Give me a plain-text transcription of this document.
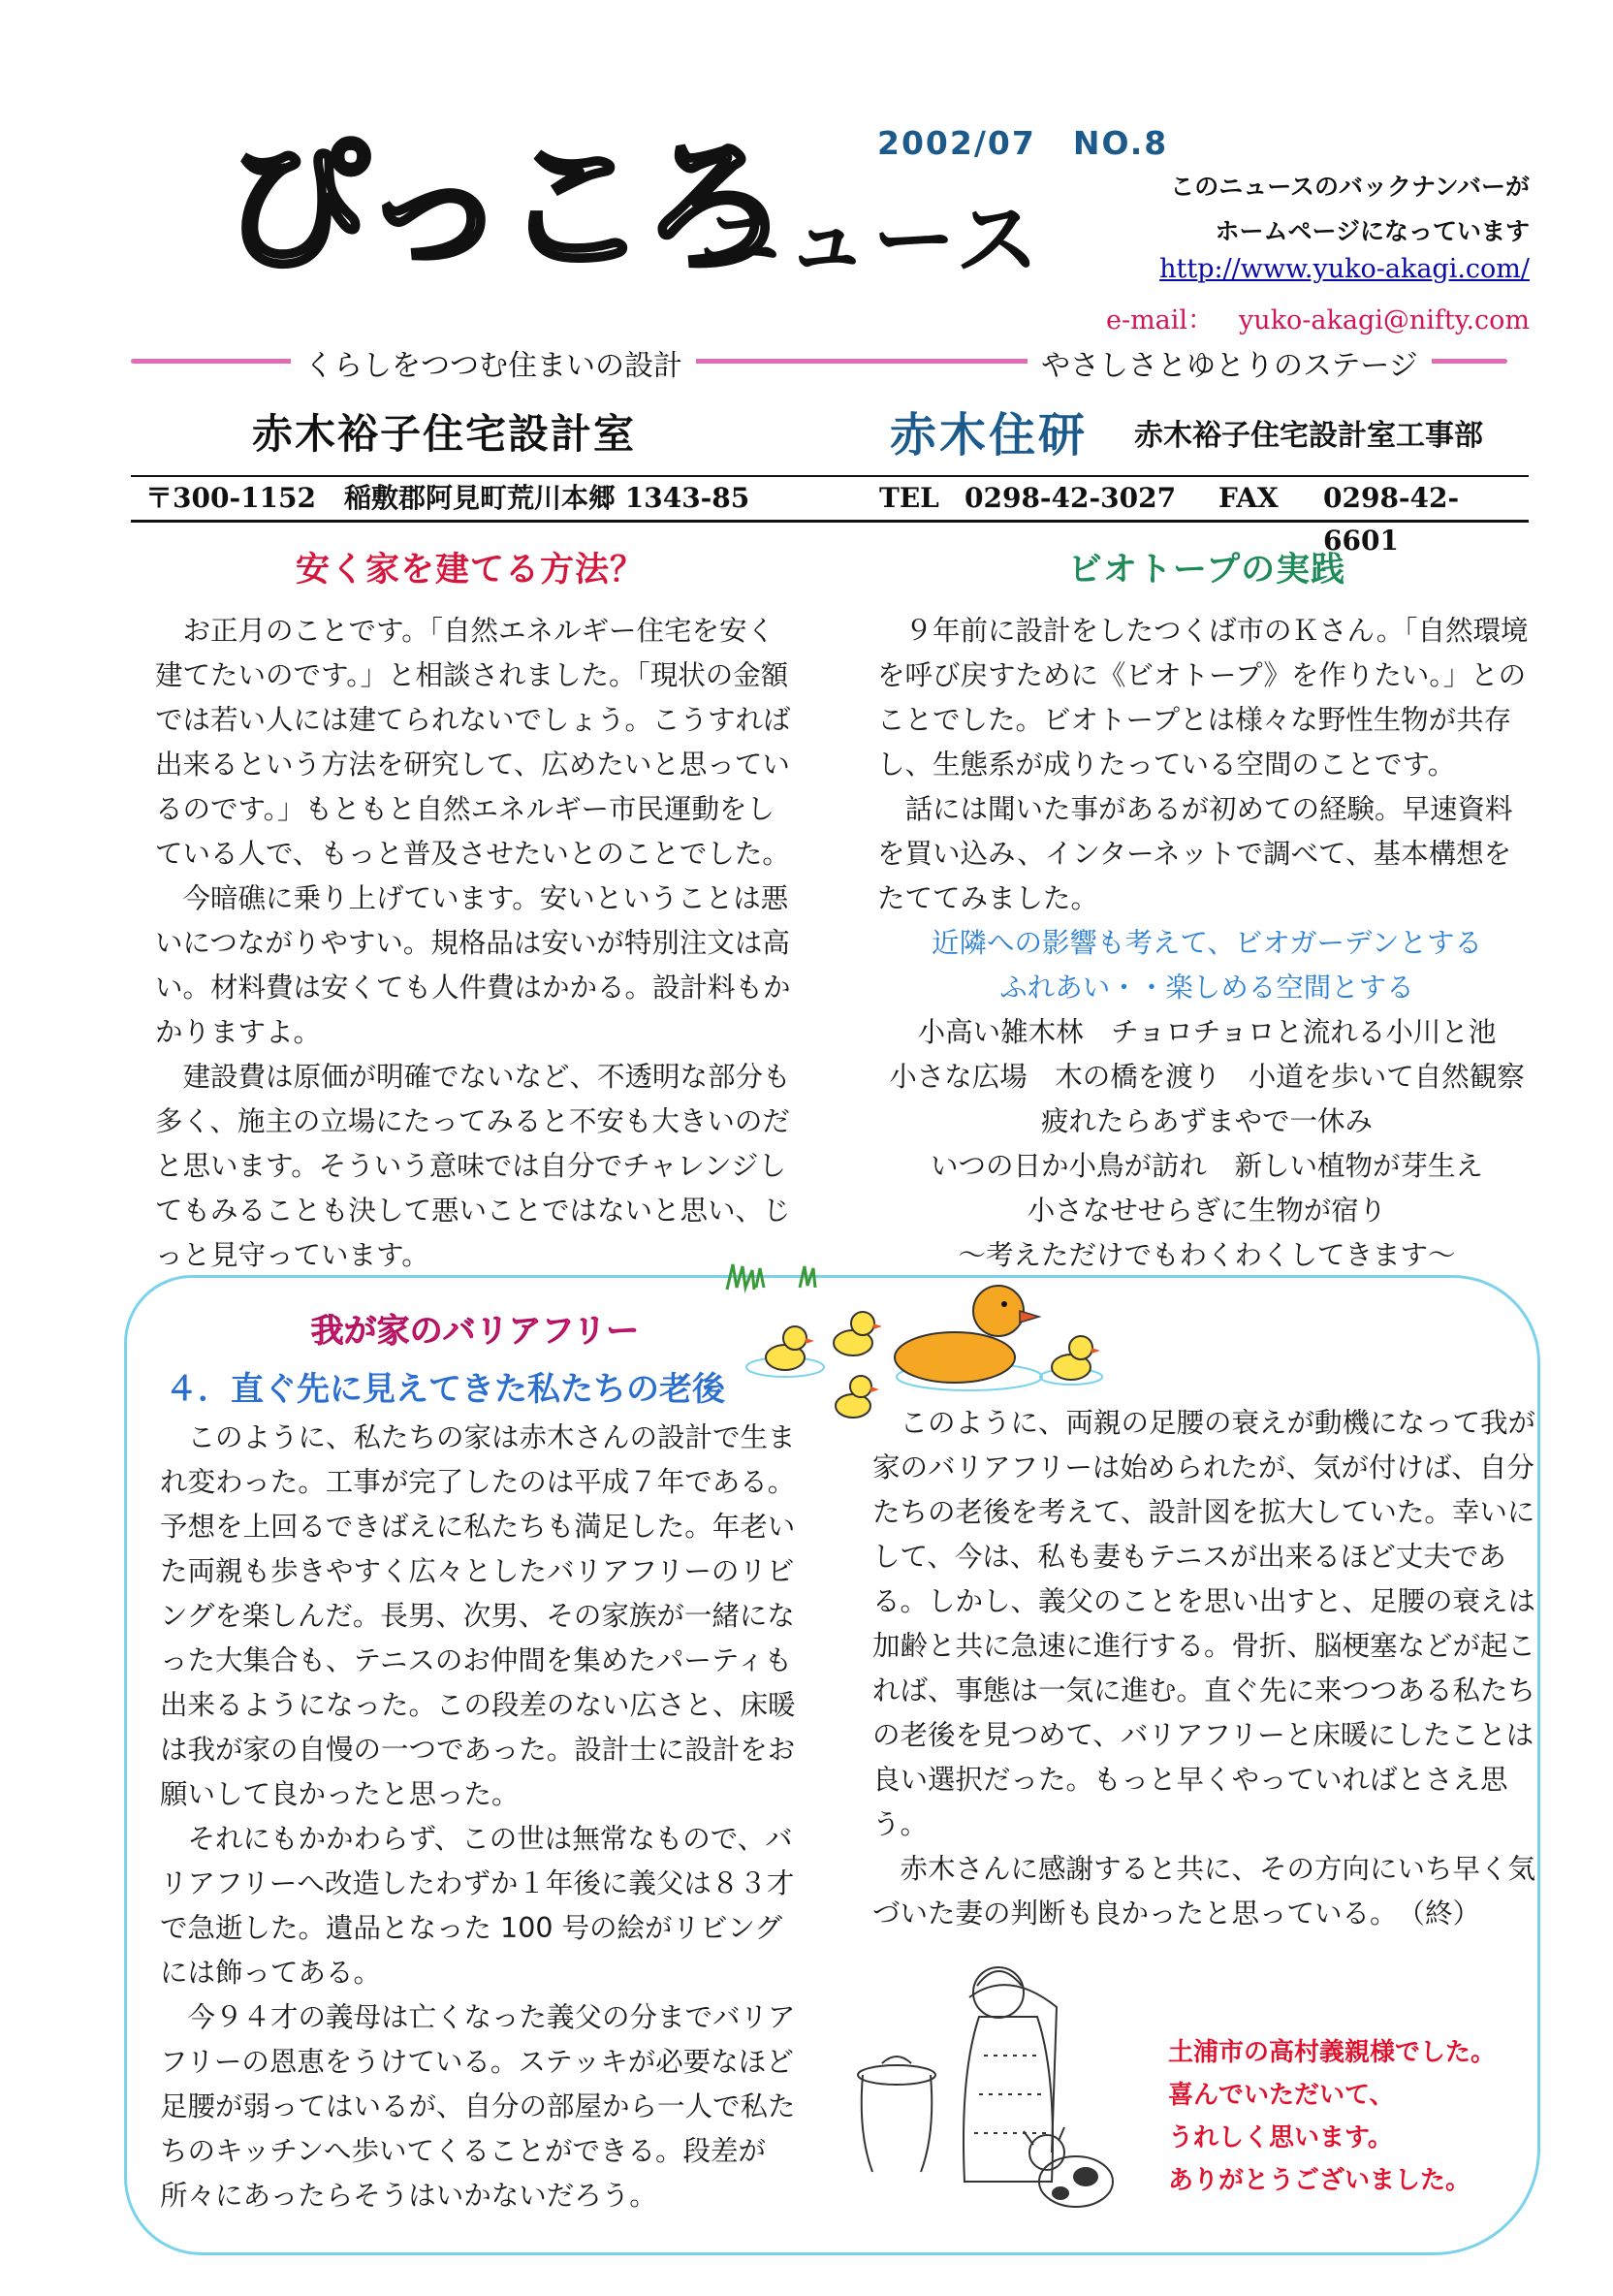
ぴっころ
ニュース
2002/07 NO.8
このニュースのバックナンバーが
ホームページになっています
http://www.yuko-akagi.com/
e-mail： yuko-akagi@nifty.com
くらしをつつむ住まいの設計	やさしさとゆとりのステージ
赤木裕子住宅設計室	赤木住研 赤木裕子住宅設計室工事部
〒300-1152 稲敷郡阿見町荒川本郷 1343-85	TEL 0298-42-3027 FAX 0298-42-6601
安く家を建てる方法？

お正月のことです。「自然エネルギー住宅を安く建てたいのです。」と相談されました。「現状の金額では若い人には建てられないでしょう。こうすれば出来るという方法を研究して、広めたいと思っているのです。」もともと自然エネルギー市民運動をしている人で、もっと普及させたいとのことでした。

今暗礁に乗り上げています。安いということは悪いにつながりやすい。規格品は安いが特別注文は高い。材料費は安くても人件費はかかる。設計料もかかりますよ。

建設費は原価が明確でないなど、不透明な部分も多く、施主の立場にたってみると不安も大きいのだと思います。そういう意味では自分でチャレンジしてもみることも決して悪いことではないと思い、じっと見守っています。

ビオトープの実践

９年前に設計をしたつくば市のＫさん。「自然環境を呼び戻すために《ビオトープ》を作りたい。」とのことでした。ビオトープとは様々な野性生物が共存し、生態系が成りたっている空間のことです。

話には聞いた事があるが初めての経験。早速資料を買い込み、インターネットで調べて、基本構想をたててみました。

近隣への影響も考えて、ビオガーデンとする
ふれあい・・楽しめる空間とする
小高い雑木林　チョロチョロと流れる小川と池
小さな広場　木の橋を渡り　小道を歩いて自然観察
疲れたらあずまやで一休み
いつの日か小鳥が訪れ　新しい植物が芽生え
小さなせせらぎに生物が宿り
～考えただけでもわくわくしてきます～
我が家のバリアフリー
４．直ぐ先に見えてきた私たちの老後

このように、私たちの家は赤木さんの設計で生まれ変わった。工事が完了したのは平成７年である。予想を上回るできばえに私たちも満足した。年老いた両親も歩きやすく広々としたバリアフリーのリビングを楽しんだ。長男、次男、その家族が一緒になった大集合も、テニスのお仲間を集めたパーティも出来るようになった。この段差のない広さと、床暖は我が家の自慢の一つであった。設計士に設計をお願いして良かったと思った。

それにもかかわらず、この世は無常なもので、バリアフリーへ改造したわずか１年後に義父は８３才で急逝した。遺品となった 100 号の絵がリビングには飾ってある。

今９４才の義母は亡くなった義父の分までバリアフリーの恩恵をうけている。ステッキが必要なほど足腰が弱ってはいるが、自分の部屋から一人で私たちのキッチンへ歩いてくることができる。段差が所々にあったらそうはいかないだろう。

このように、両親の足腰の衰えが動機になって我が家のバリアフリーは始められたが、気が付けば、自分たちの老後を考えて、設計図を拡大していた。幸いにして、今は、私も妻もテニスが出来るほど丈夫である。しかし、義父のことを思い出すと、足腰の衰えは加齢と共に急速に進行する。骨折、脳梗塞などが起これば、事態は一気に進む。直ぐ先に来つつある私たちの老後を見つめて、バリアフリーと床暖にしたことは良い選択だった。もっと早くやっていればとさえ思う。

赤木さんに感謝すると共に、その方向にいち早く気づいた妻の判断も良かったと思っている。　（終）

土浦市の高村義親様でした。
喜んでいただいて、
うれしく思います。
ありがとうございました。
